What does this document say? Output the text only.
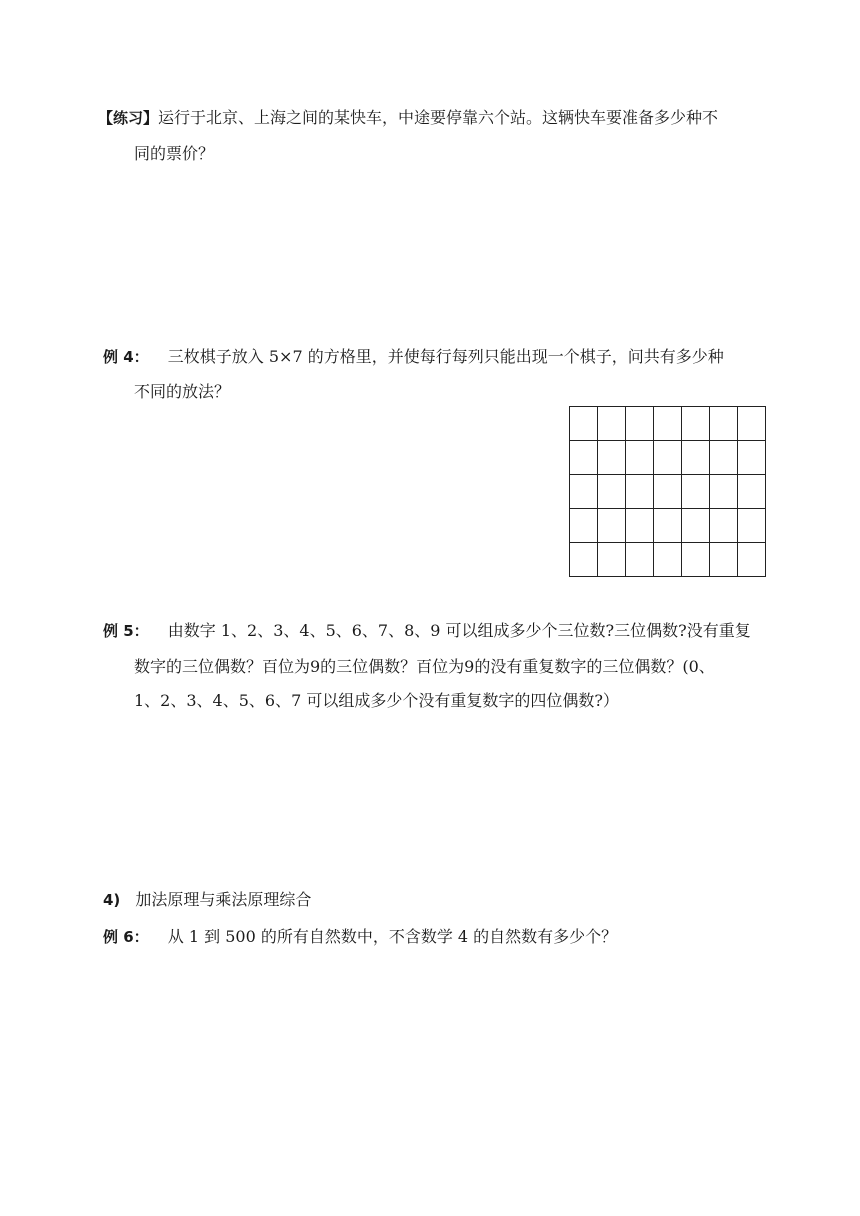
【练习】运行于北京、上海之间的某快车，中途要停靠六个站。这辆快车要准备多少种不
同的票价？
例 4： 三枚棋子放入 5×7 的方格里，并使每行每列只能出现一个棋子，问共有多少种
不同的放法？

例 5： 由数字 1、2、3、4、5、6、7、8、9 可以组成多少个三位数?三位偶数?没有重复
数字的三位偶数？百位为9的三位偶数？百位为9的没有重复数字的三位偶数？(0、
1、2、3、4、5、6、7 可以组成多少个没有重复数字的四位偶数?）
4) 加法原理与乘法原理综合
例 6： 从 1 到 500 的所有自然数中，不含数学 4 的自然数有多少个？
